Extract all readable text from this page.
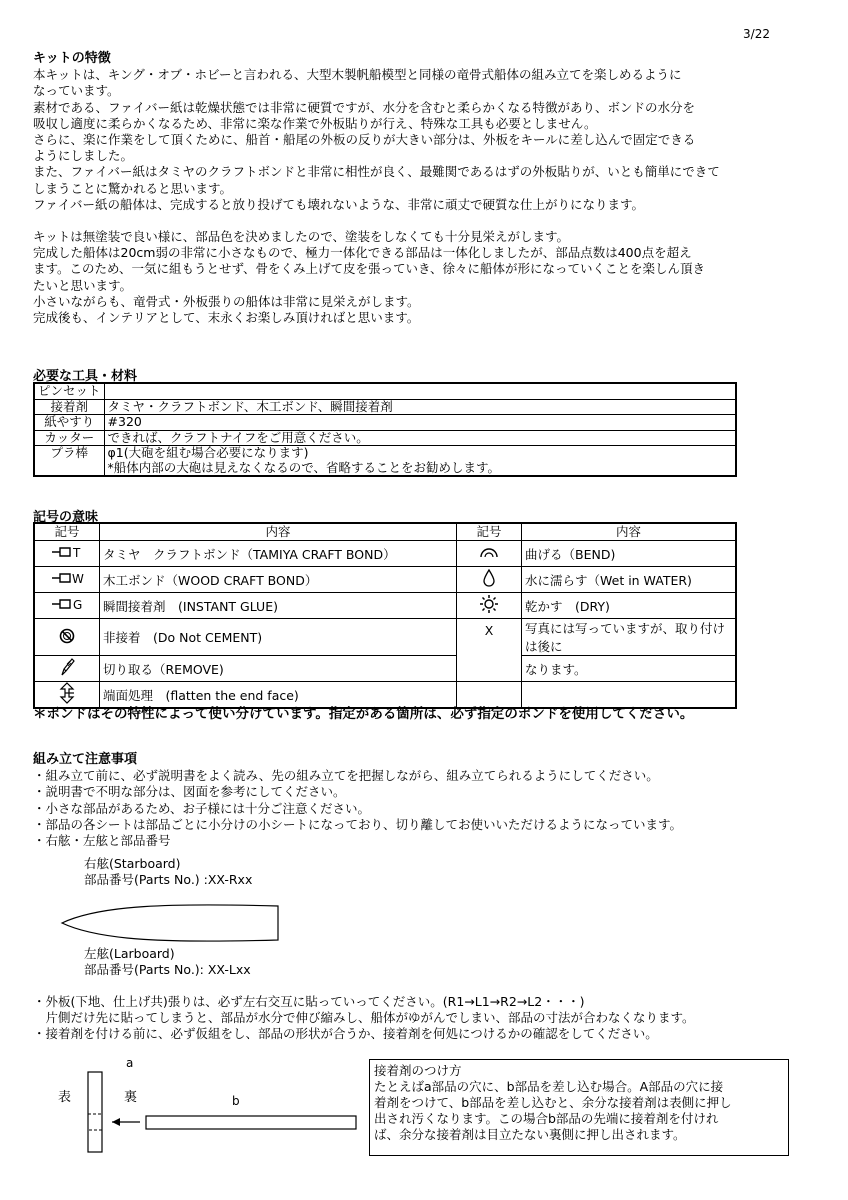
3/22
キットの特徴
本キットは、キング・オブ・ホビーと言われる、大型木製帆船模型と同様の竜骨式船体の組み立てを楽しめるように
なっています。
素材である、ファイバー紙は乾燥状態では非常に硬質ですが、水分を含むと柔らかくなる特徴があり、ボンドの水分を
吸収し適度に柔らかくなるため、非常に楽な作業で外板貼りが行え、特殊な工具も必要としません。
さらに、楽に作業をして頂くために、船首・船尾の外板の反りが大きい部分は、外板をキールに差し込んで固定できる
ようにしました。
また、ファイバー紙はタミヤのクラフトボンドと非常に相性が良く、最難関であるはずの外板貼りが、いとも簡単にできて
しまうことに驚かれると思います。
ファイバー紙の船体は、完成すると放り投げても壊れないような、非常に頑丈で硬質な仕上がりになります。
キットは無塗装で良い様に、部品色を決めましたので、塗装をしなくても十分見栄えがします。
完成した船体は20cm弱の非常に小さなもので、極力一体化できる部品は一体化しましたが、部品点数は400点を超え
ます。このため、一気に組もうとせず、骨をくみ上げて皮を張っていき、徐々に船体が形になっていくことを楽しん頂き
たいと思います。
小さいながらも、竜骨式・外板張りの船体は非常に見栄えがします。
完成後も、インテリアとして、末永くお楽しみ頂ければと思います。
必要な工具・材料
ピンセット	
接着剤	タミヤ・クラフトボンド、木工ボンド、瞬間接着剤
紙やすり	#320
カッター	できれば、クラフトナイフをご用意ください。
プラ棒	φ1(大砲を組む場合必要になります)
*船体内部の大砲は見えなくなるので、省略することをお勧めします。
記号の意味
記号	内容	記号	内容

T	タミヤ　クラフトボンド（TAMIYA CRAFT BOND）		曲げる（BEND)

W	木工ボンド（WOOD CRAFT BOND）		水に濡らす（Wet in WATER)

G	瞬間接着剤　(INSTANT GLUE)		乾かす　(DRY)
	非接着　(Do Not CEMENT)	X	写真には写っていますが、取り付けは後に
	切り取る（REMOVE)		なります。
	端面処理　(flatten the end face)		
＊ボンドはその特性によって使い分けています。指定がある箇所は、必ず指定のボンドを使用してください。
組み立て注意事項
・組み立て前に、必ず説明書をよく読み、先の組み立てを把握しながら、組み立てられるようにしてください。
・説明書で不明な部分は、図面を参考にしてください。
・小さな部品があるため、お子様には十分ご注意ください。
・部品の各シートは部品ごとに小分けの小シートになっており、切り離してお使いいただけるようになっています。
・右舷・左舷と部品番号
右舷(Starboard)
部品番号(Parts No.) :XX-Rxx
左舷(Larboard)
部品番号(Parts No.): XX-Lxx
・外板(下地、仕上げ共)張りは、必ず左右交互に貼っていってください。(R1→L1→R2→L2・・・)
　片側だけ先に貼ってしまうと、部品が水分で伸び縮みし、船体がゆがんでしまい、部品の寸法が合わなくなります。
・接着剤を付ける前に、必ず仮組をし、部品の形状が合うか、接着剤を何処につけるかの確認をしてください。
a
表	裏	b
接着剤のつけ方
たとえばa部品の穴に、b部品を差し込む場合。A部品の穴に接
着剤をつけて、b部品を差し込むと、余分な接着剤は表側に押し
出され汚くなります。この場合b部品の先端に接着剤を付けれ
ば、余分な接着剤は目立たない裏側に押し出されます。
